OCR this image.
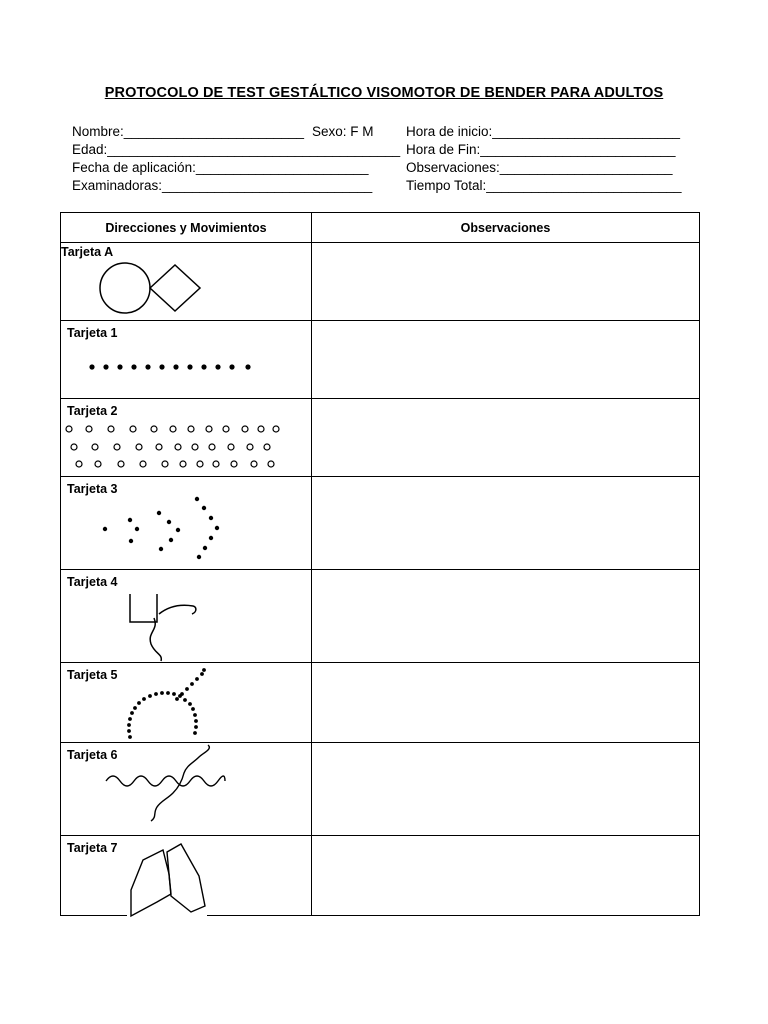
PROTOCOLO DE TEST GESTÁLTICO VISOMOTOR DE BENDER PARA ADULTOS
Nombre:________________________ Sexo: F M Hora de inicio:_________________________
Edad:_______________________________________ Hora de Fin:__________________________
Fecha de aplicación:_______________________	Observaciones:_______________________
Examinadoras:____________________________ Tiempo Total:__________________________
Direcciones y Movimientos	Observaciones

Tarjeta A	

Tarjeta 1	

Tarjeta 2	

Tarjeta 3	

Tarjeta 4	

Tarjeta 5	

Tarjeta 6	

Tarjeta 7	
